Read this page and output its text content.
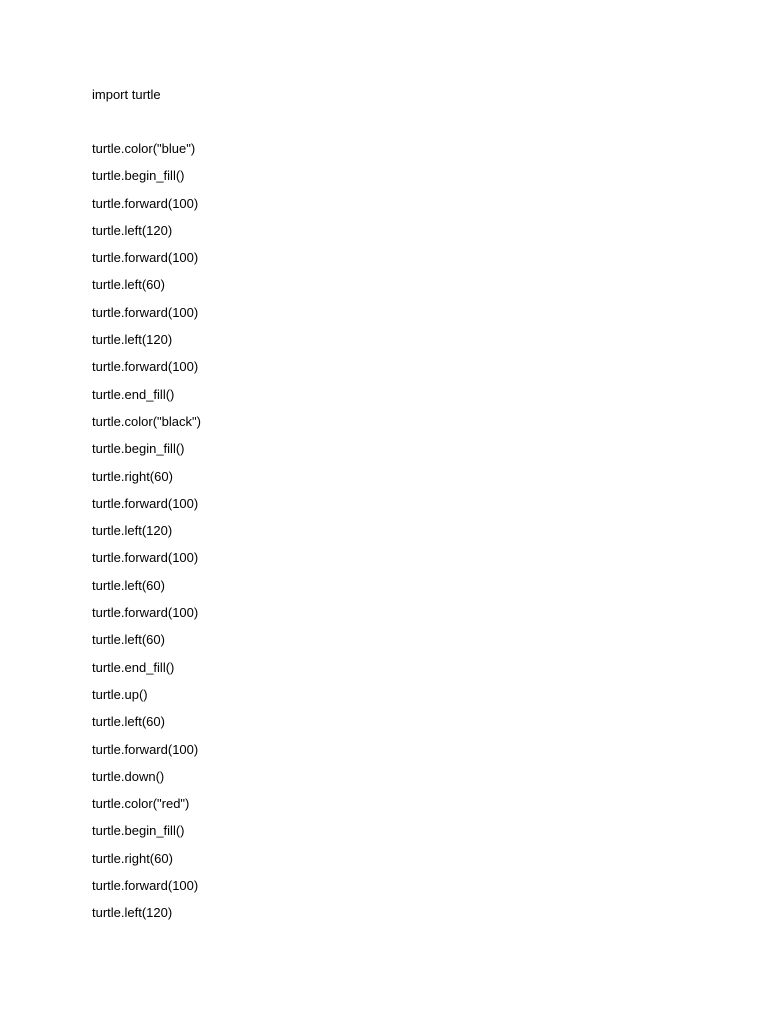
import turtle
turtle.color("blue")
turtle.begin_fill()
turtle.forward(100)
turtle.left(120)
turtle.forward(100)
turtle.left(60)
turtle.forward(100)
turtle.left(120)
turtle.forward(100)
turtle.end_fill()
turtle.color("black")
turtle.begin_fill()
turtle.right(60)
turtle.forward(100)
turtle.left(120)
turtle.forward(100)
turtle.left(60)
turtle.forward(100)
turtle.left(60)
turtle.end_fill()
turtle.up()
turtle.left(60)
turtle.forward(100)
turtle.down()
turtle.color("red")
turtle.begin_fill()
turtle.right(60)
turtle.forward(100)
turtle.left(120)
